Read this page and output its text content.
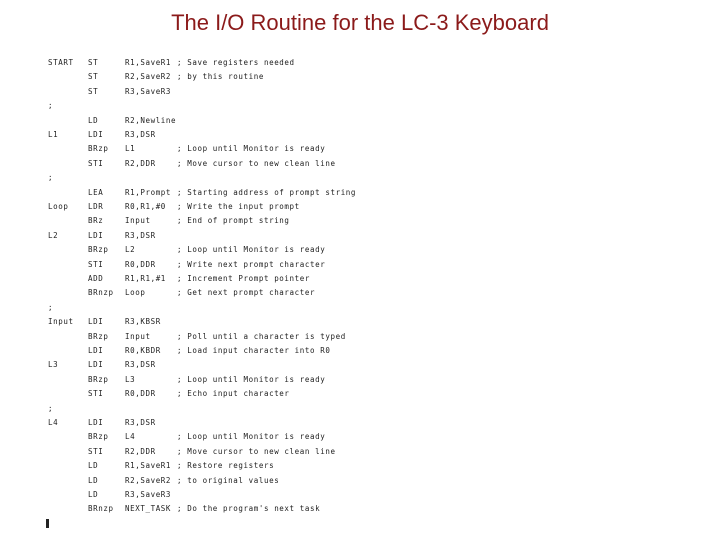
The I/O Routine for the LC-3 Keyboard
START ST	R1,SaveR1 ; Save registers needed
ST	R2,SaveR2 ; by this routine
ST	R3,SaveR3
;
LD	R2,Newline
L1	LDI	R3,DSR
BRzp L1	; Loop until Monitor is ready
STI	R2,DDR	; Move cursor to new clean line
;
LEA	R1,Prompt ; Starting address of prompt string
Loop	LDR	R0,R1,#0 ; Write the input prompt
BRz	Input	; End of prompt string
L2	LDI	R3,DSR
BRzp L2	; Loop until Monitor is ready
STI	R0,DDR	; Write next prompt character
ADD	R1,R1,#1 ; Increment Prompt pointer
BRnzp Loop	; Get next prompt character
;
Input LDI	R3,KBSR
BRzp Input	; Poll until a character is typed
LDI	R0,KBDR ; Load input character into R0
L3	LDI	R3,DSR
BRzp L3	; Loop until Monitor is ready
STI	R0,DDR	; Echo input character
;
L4	LDI	R3,DSR
BRzp L4	; Loop until Monitor is ready
STI	R2,DDR	; Move cursor to new clean line
LD	R1,SaveR1 ; Restore registers
LD	R2,SaveR2 ; to original values
LD	R3,SaveR3
BRnzp NEXT_TASK ; Do the program's next task
